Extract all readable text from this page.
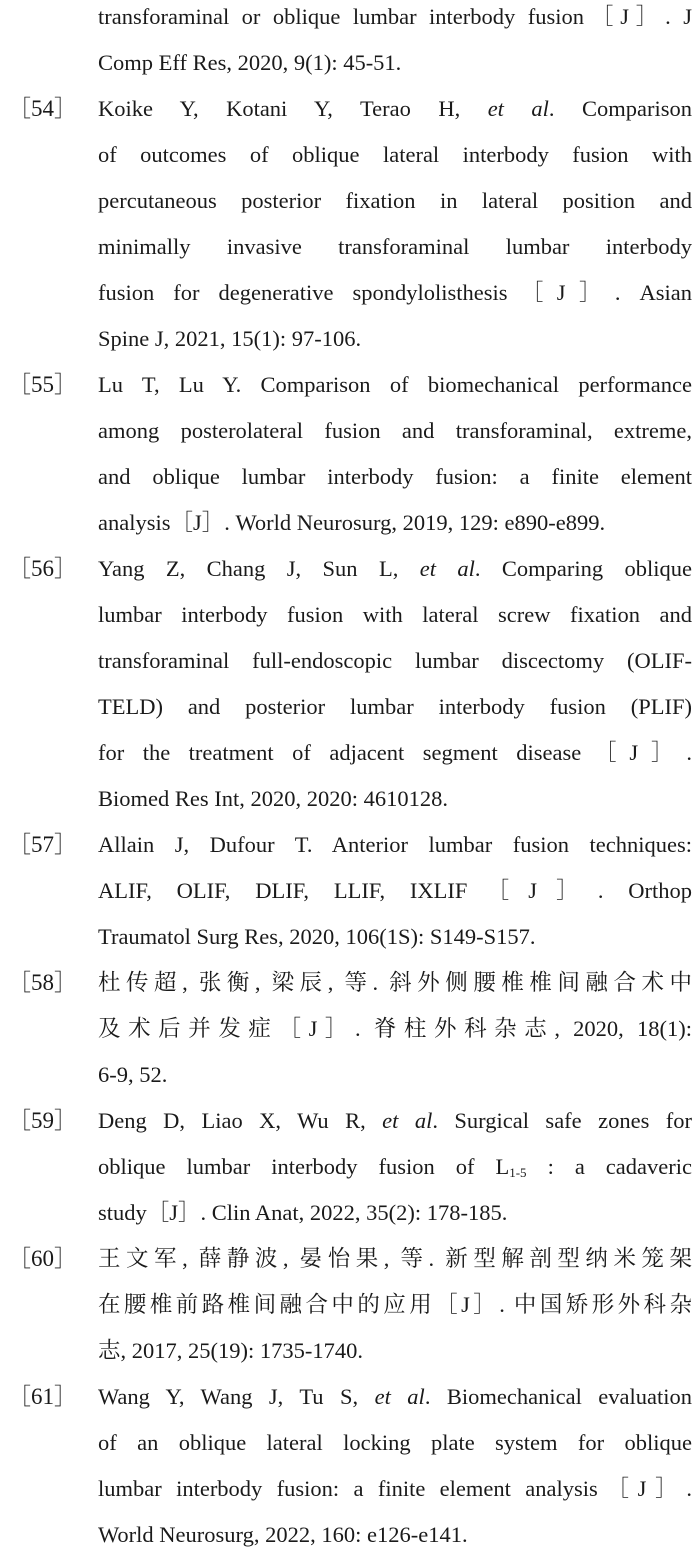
transforaminal or oblique lumbar interbody fusion［J］. J
Comp Eff Res, 2020, 9(1): 45-51.
［54］ Koike Y, Kotani Y, Terao H, et al. Comparison
of outcomes of oblique lateral interbody fusion with
percutaneous posterior fixation in lateral position and
minimally invasive transforaminal lumbar interbody
fusion for degenerative spondylolisthesis［J］. Asian
Spine J, 2021, 15(1): 97-106.
［55］ Lu T, Lu Y. Comparison of biomechanical performance
among posterolateral fusion and transforaminal, extreme,
and oblique lumbar interbody fusion: a finite element
analysis［J］. World Neurosurg, 2019, 129: e890-e899.
［56］ Yang Z, Chang J, Sun L, et al. Comparing oblique
lumbar interbody fusion with lateral screw fixation and
transforaminal full-endoscopic lumbar discectomy (OLIF-
TELD) and posterior lumbar interbody fusion (PLIF)
for the treatment of adjacent segment disease［J］.
Biomed Res Int, 2020, 2020: 4610128.
［57］ Allain J, Dufour T. Anterior lumbar fusion techniques:
ALIF, OLIF, DLIF, LLIF, IXLIF［J］. Orthop
Traumatol Surg Res, 2020, 106(1S): S149-S157.
［58］ 杜传超, 张衡, 梁辰, 等. 斜外侧腰椎椎间融合术中
及术后并发症［J］. 脊柱外科杂志, 2020, 18(1):
6-9, 52.
［59］ Deng D, Liao X, Wu R, et al. Surgical safe zones for
oblique lumbar interbody fusion of $L_{1-5}$ : a cadaveric
study［J］. Clin Anat, 2022, 35(2): 178-185.
［60］ 王文军, 薛静波, 晏怡果, 等. 新型解剖型纳米笼架
在腰椎前路椎间融合中的应用［J］. 中国矫形外科杂
志, 2017, 25(19): 1735-1740.
［61］ Wang Y, Wang J, Tu S, et al. Biomechanical evaluation
of an oblique lateral locking plate system for oblique
lumbar interbody fusion: a finite element analysis［J］.
World Neurosurg, 2022, 160: e126-e141.
